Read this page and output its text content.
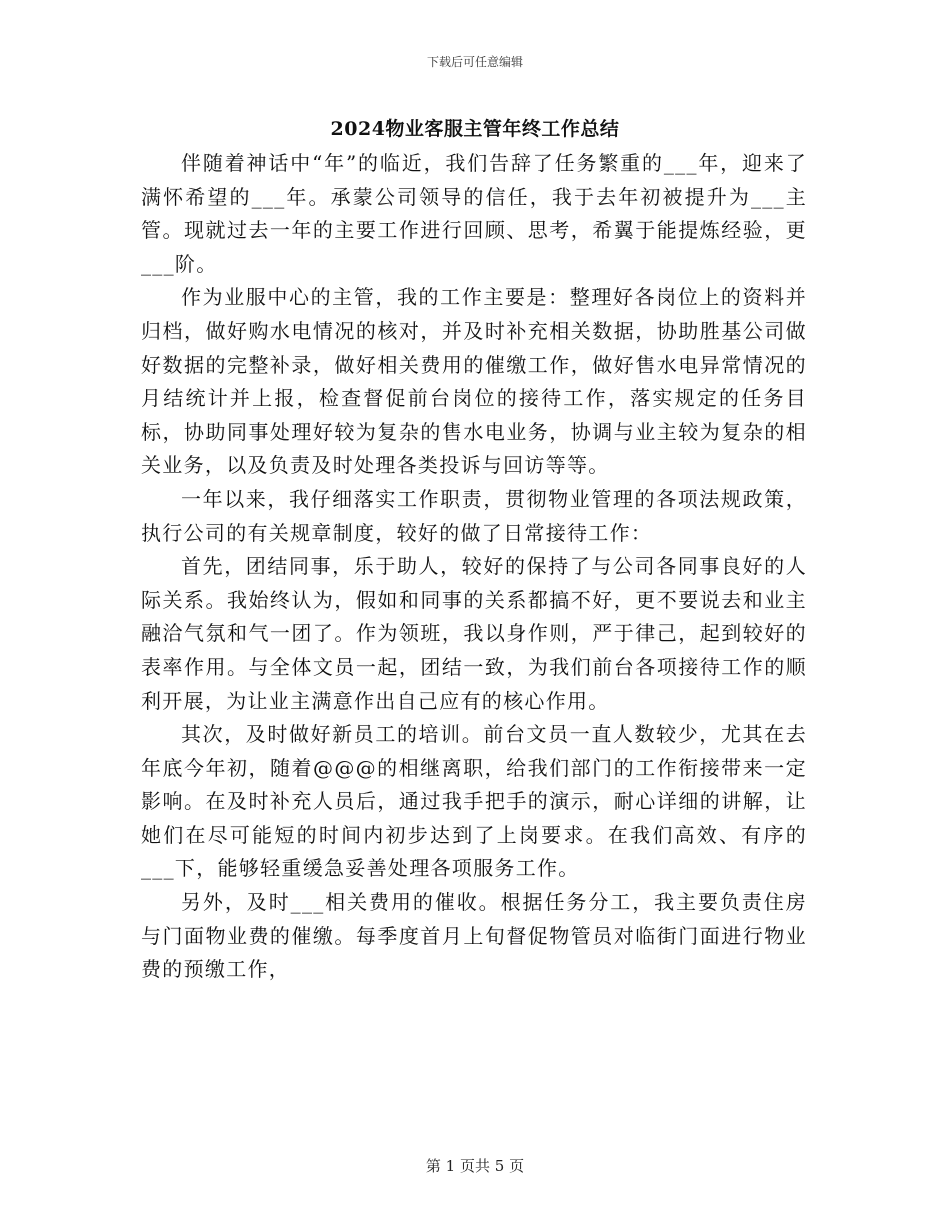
下载后可任意编辑
2024物业客服主管年终工作总结

伴随着神话中“年”的临近，我们告辞了任务繁重的___年，迎来了满怀希望的___年。承蒙公司领导的信任，我于去年初被提升为___主管。现就过去一年的主要工作进行回顾、思考，希翼于能提炼经验，更___阶。

作为业服中心的主管，我的工作主要是：整理好各岗位上的资料并归档，做好购水电情况的核对，并及时补充相关数据，协助胜基公司做好数据的完整补录，做好相关费用的催缴工作，做好售水电异常情况的月结统计并上报，检查督促前台岗位的接待工作，落实规定的任务目标，协助同事处理好较为复杂的售水电业务，协调与业主较为复杂的相关业务，以及负责及时处理各类投诉与回访等等。

一年以来，我仔细落实工作职责，贯彻物业管理的各项法规政策，执行公司的有关规章制度，较好的做了日常接待工作：

首先，团结同事，乐于助人，较好的保持了与公司各同事良好的人际关系。我始终认为，假如和同事的关系都搞不好，更不要说去和业主融洽气氛和气一团了。作为领班，我以身作则，严于律己，起到较好的表率作用。与全体文员一起，团结一致，为我们前台各项接待工作的顺利开展，为让业主满意作出自己应有的核心作用。

其次，及时做好新员工的培训。前台文员一直人数较少，尤其在去年底今年初，随着@@@的相继离职，给我们部门的工作衔接带来一定影响。在及时补充人员后，通过我手把手的演示，耐心详细的讲解，让她们在尽可能短的时间内初步达到了上岗要求。在我们高效、有序的___下，能够轻重缓急妥善处理各项服务工作。

另外，及时___相关费用的催收。根据任务分工，我主要负责住房与门面物业费的催缴。每季度首月上旬督促物管员对临街门面进行物业费的预缴工作，

第 1 页共 5 页
